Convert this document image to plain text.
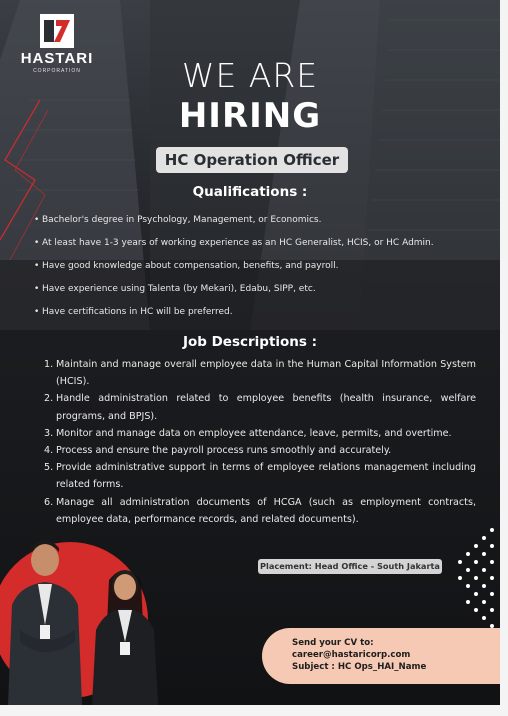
HASTARI
CORPORATION	WE ARE
HIRING
HC Operation Officer
Qualifications :
• Bachelor's degree in Psychology, Management, or Economics.
• At least have 1-3 years of working experience as an HC Generalist, HCIS, or HC Admin.
• Have good knowledge about compensation, benefits, and payroll.
• Have experience using Talenta (by Mekari), Edabu, SIPP, etc.
• Have certifications in HC will be preferred.
Job Descriptions :
1. Maintain and manage overall employee data in the Human Capital Information System (HCIS).
2. Handle administration related to employee benefits (health insurance, welfare programs, and BPJS).
3. Monitor and manage data on employee attendance, leave, permits, and overtime.
4. Process and ensure the payroll process runs smoothly and accurately.
5. Provide administrative support in terms of employee relations management including related forms.
6. Manage all administration documents of HCGA (such as employment contracts, employee data, performance records, and related documents).
Placement: Head Office - South Jakarta
Send your CV to:
career@hastaricorp.com
Subject : HC Ops_HAI_Name
